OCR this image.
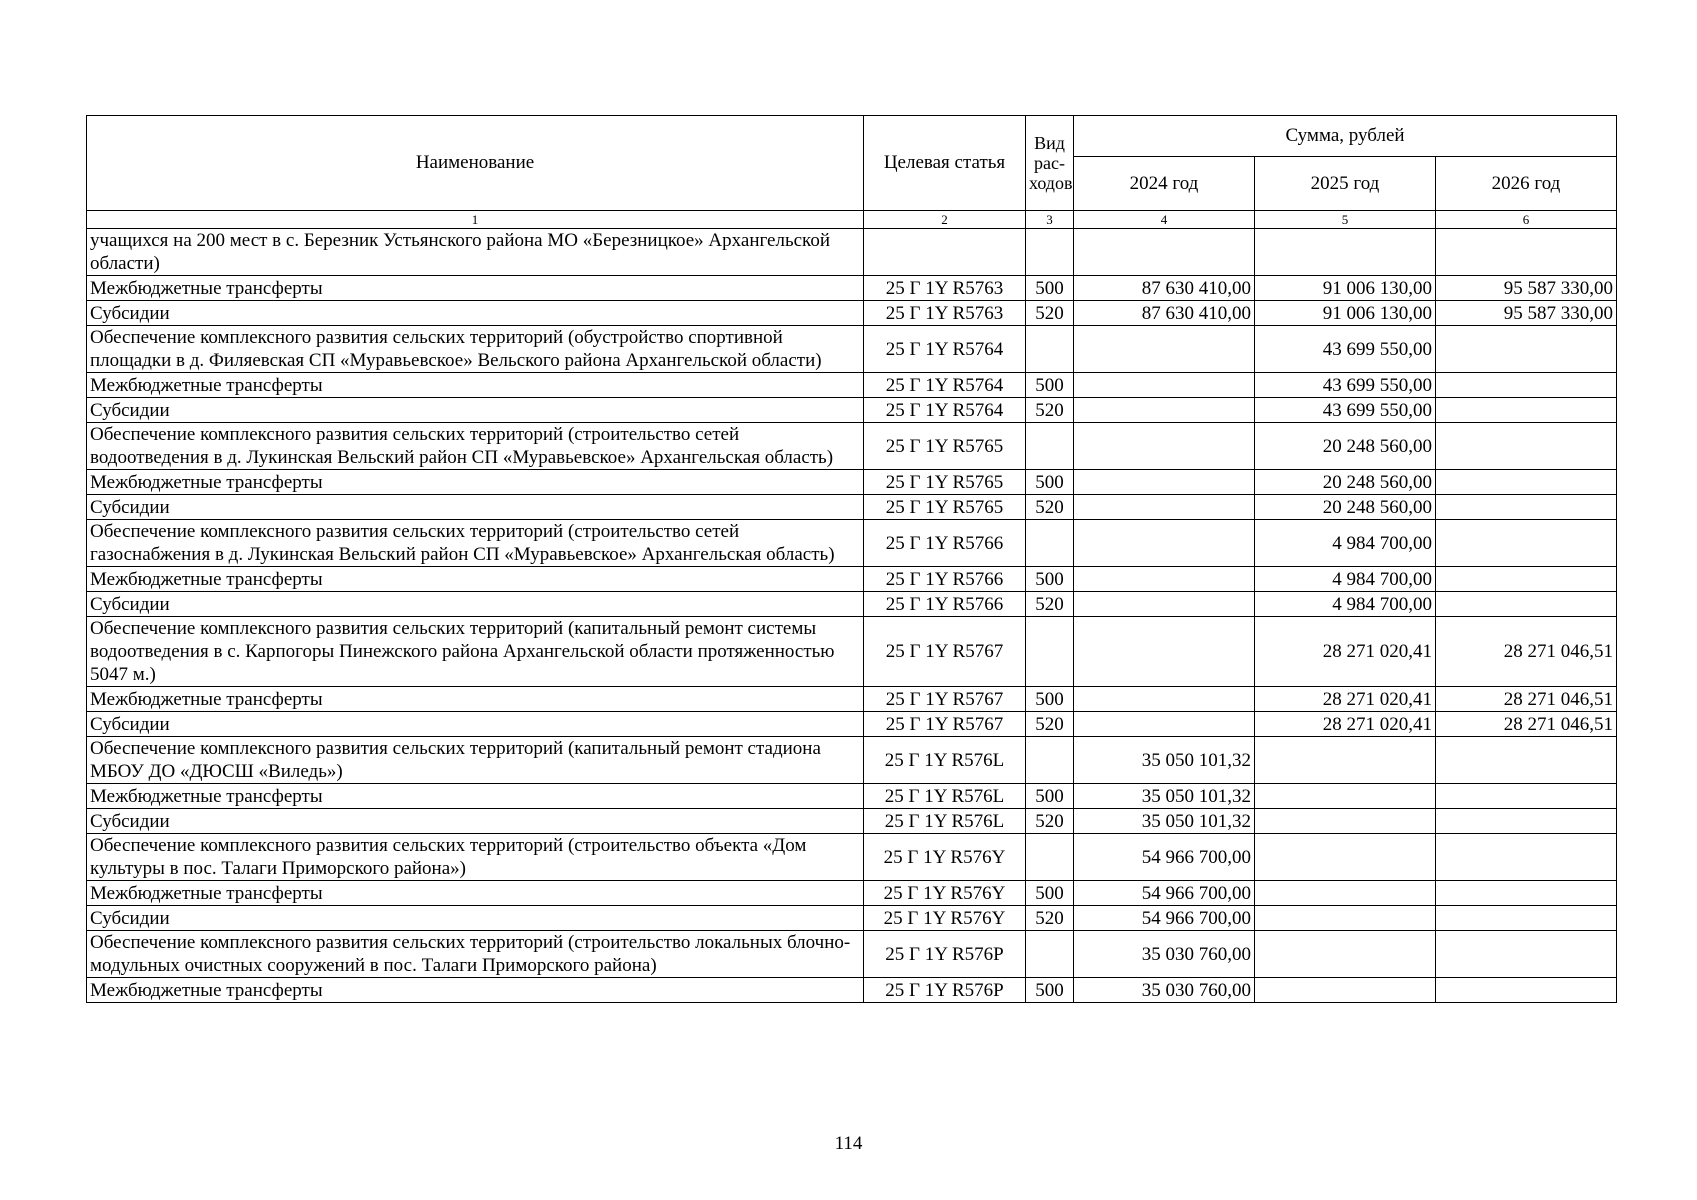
Наименование	Целевая статья	Вид рас-ходов	Сумма, рублей		
			2024 год	2025 год	2026 год
1	2	3	4	5	6
учащихся на 200 мест в с. Березник Устьянского района МО «Березницкое» Архангельской области)					
Межбюджетные трансферты	25 Г 1Y R5763	500	87 630 410,00	91 006 130,00	95 587 330,00
Субсидии	25 Г 1Y R5763	520	87 630 410,00	91 006 130,00	95 587 330,00
Обеспечение комплексного развития сельских территорий (обустройство спортивной площадки в д. Филяевская СП «Муравьевское» Вельского района Архангельской области)	25 Г 1Y R5764			43 699 550,00	
Межбюджетные трансферты	25 Г 1Y R5764	500		43 699 550,00	
Субсидии	25 Г 1Y R5764	520		43 699 550,00	
Обеспечение комплексного развития сельских территорий (строительство сетей водоотведения в д. Лукинская Вельский район СП «Муравьевское» Архангельская область)	25 Г 1Y R5765			20 248 560,00	
Межбюджетные трансферты	25 Г 1Y R5765	500		20 248 560,00	
Субсидии	25 Г 1Y R5765	520		20 248 560,00	
Обеспечение комплексного развития сельских территорий (строительство сетей газоснабжения в д. Лукинская Вельский район СП «Муравьевское» Архангельская область)	25 Г 1Y R5766			4 984 700,00	
Межбюджетные трансферты	25 Г 1Y R5766	500		4 984 700,00	
Субсидии	25 Г 1Y R5766	520		4 984 700,00	
Обеспечение комплексного развития сельских территорий (капитальный ремонт системы водоотведения в с. Карпогоры Пинежского района Архангельской области протяженностью 5047 м.)	25 Г 1Y R5767			28 271 020,41	28 271 046,51
Межбюджетные трансферты	25 Г 1Y R5767	500		28 271 020,41	28 271 046,51
Субсидии	25 Г 1Y R5767	520		28 271 020,41	28 271 046,51
Обеспечение комплексного развития сельских территорий (капитальный ремонт стадиона МБОУ ДО «ДЮСШ «Виледь»)	25 Г 1Y R576L		35 050 101,32		
Межбюджетные трансферты	25 Г 1Y R576L	500	35 050 101,32		
Субсидии	25 Г 1Y R576L	520	35 050 101,32		
Обеспечение комплексного развития сельских территорий (строительство объекта «Дом культуры в пос. Талаги Приморского района»)	25 Г 1Y R576Y		54 966 700,00		
Межбюджетные трансферты	25 Г 1Y R576Y	500	54 966 700,00		
Субсидии	25 Г 1Y R576Y	520	54 966 700,00		
Обеспечение комплексного развития сельских территорий (строительство локальных блочно-модульных очистных сооружений в пос. Талаги Приморского района)	25 Г 1Y R576P		35 030 760,00		
Межбюджетные трансферты	25 Г 1Y R576P	500	35 030 760,00		
114
